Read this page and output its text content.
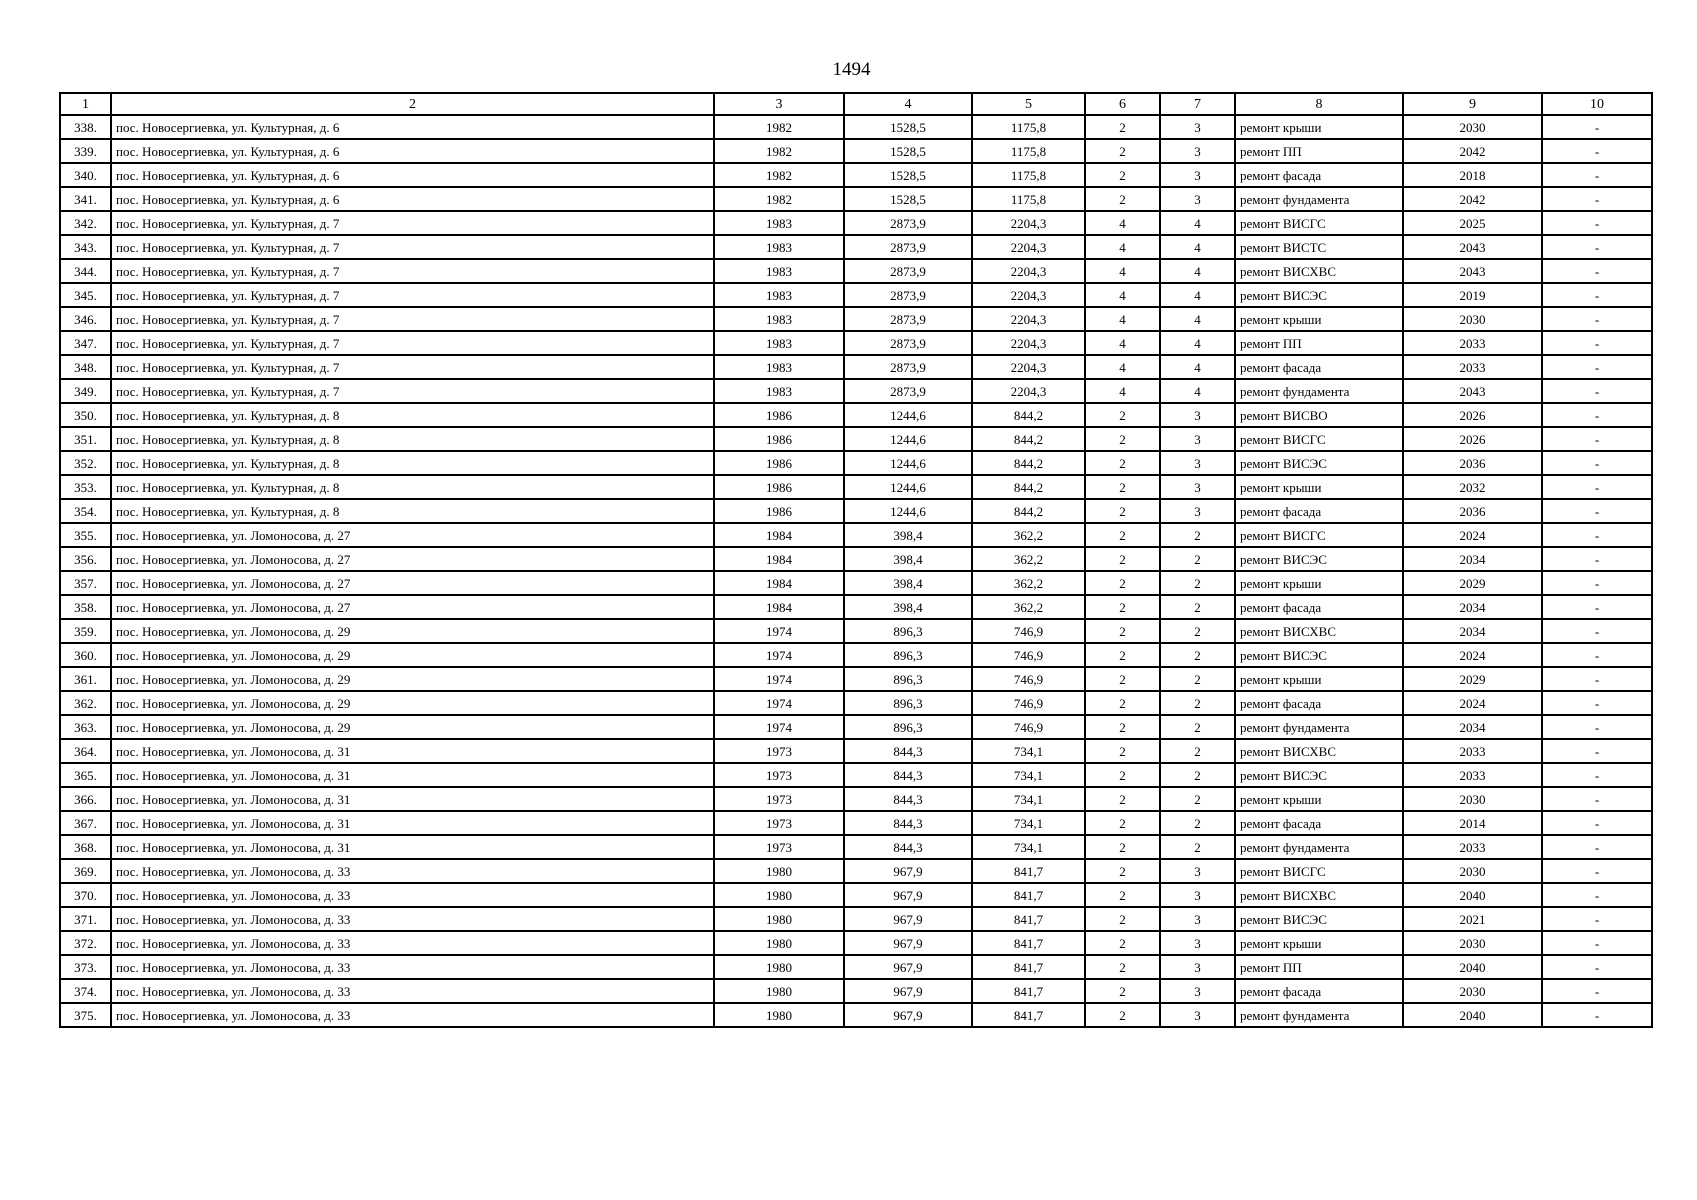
1494
1	2	3	4	5	6	7	8	9	10
338.	пос. Новосергиевка, ул. Культурная, д. 6	1982	1528,5	1175,8	2	3	ремонт крыши	2030	-
339.	пос. Новосергиевка, ул. Культурная, д. 6	1982	1528,5	1175,8	2	3	ремонт ПП	2042	-
340.	пос. Новосергиевка, ул. Культурная, д. 6	1982	1528,5	1175,8	2	3	ремонт фасада	2018	-
341.	пос. Новосергиевка, ул. Культурная, д. 6	1982	1528,5	1175,8	2	3	ремонт фундамента	2042	-
342.	пос. Новосергиевка, ул. Культурная, д. 7	1983	2873,9	2204,3	4	4	ремонт ВИСГС	2025	-
343.	пос. Новосергиевка, ул. Культурная, д. 7	1983	2873,9	2204,3	4	4	ремонт ВИСТС	2043	-
344.	пос. Новосергиевка, ул. Культурная, д. 7	1983	2873,9	2204,3	4	4	ремонт ВИСХВС	2043	-
345.	пос. Новосергиевка, ул. Культурная, д. 7	1983	2873,9	2204,3	4	4	ремонт ВИСЭС	2019	-
346.	пос. Новосергиевка, ул. Культурная, д. 7	1983	2873,9	2204,3	4	4	ремонт крыши	2030	-
347.	пос. Новосергиевка, ул. Культурная, д. 7	1983	2873,9	2204,3	4	4	ремонт ПП	2033	-
348.	пос. Новосергиевка, ул. Культурная, д. 7	1983	2873,9	2204,3	4	4	ремонт фасада	2033	-
349.	пос. Новосергиевка, ул. Культурная, д. 7	1983	2873,9	2204,3	4	4	ремонт фундамента	2043	-
350.	пос. Новосергиевка, ул. Культурная, д. 8	1986	1244,6	844,2	2	3	ремонт ВИСВО	2026	-
351.	пос. Новосергиевка, ул. Культурная, д. 8	1986	1244,6	844,2	2	3	ремонт ВИСГС	2026	-
352.	пос. Новосергиевка, ул. Культурная, д. 8	1986	1244,6	844,2	2	3	ремонт ВИСЭС	2036	-
353.	пос. Новосергиевка, ул. Культурная, д. 8	1986	1244,6	844,2	2	3	ремонт крыши	2032	-
354.	пос. Новосергиевка, ул. Культурная, д. 8	1986	1244,6	844,2	2	3	ремонт фасада	2036	-
355.	пос. Новосергиевка, ул. Ломоносова, д. 27	1984	398,4	362,2	2	2	ремонт ВИСГС	2024	-
356.	пос. Новосергиевка, ул. Ломоносова, д. 27	1984	398,4	362,2	2	2	ремонт ВИСЭС	2034	-
357.	пос. Новосергиевка, ул. Ломоносова, д. 27	1984	398,4	362,2	2	2	ремонт крыши	2029	-
358.	пос. Новосергиевка, ул. Ломоносова, д. 27	1984	398,4	362,2	2	2	ремонт фасада	2034	-
359.	пос. Новосергиевка, ул. Ломоносова, д. 29	1974	896,3	746,9	2	2	ремонт ВИСХВС	2034	-
360.	пос. Новосергиевка, ул. Ломоносова, д. 29	1974	896,3	746,9	2	2	ремонт ВИСЭС	2024	-
361.	пос. Новосергиевка, ул. Ломоносова, д. 29	1974	896,3	746,9	2	2	ремонт крыши	2029	-
362.	пос. Новосергиевка, ул. Ломоносова, д. 29	1974	896,3	746,9	2	2	ремонт фасада	2024	-
363.	пос. Новосергиевка, ул. Ломоносова, д. 29	1974	896,3	746,9	2	2	ремонт фундамента	2034	-
364.	пос. Новосергиевка, ул. Ломоносова, д. 31	1973	844,3	734,1	2	2	ремонт ВИСХВС	2033	-
365.	пос. Новосергиевка, ул. Ломоносова, д. 31	1973	844,3	734,1	2	2	ремонт ВИСЭС	2033	-
366.	пос. Новосергиевка, ул. Ломоносова, д. 31	1973	844,3	734,1	2	2	ремонт крыши	2030	-
367.	пос. Новосергиевка, ул. Ломоносова, д. 31	1973	844,3	734,1	2	2	ремонт фасада	2014	-
368.	пос. Новосергиевка, ул. Ломоносова, д. 31	1973	844,3	734,1	2	2	ремонт фундамента	2033	-
369.	пос. Новосергиевка, ул. Ломоносова, д. 33	1980	967,9	841,7	2	3	ремонт ВИСГС	2030	-
370.	пос. Новосергиевка, ул. Ломоносова, д. 33	1980	967,9	841,7	2	3	ремонт ВИСХВС	2040	-
371.	пос. Новосергиевка, ул. Ломоносова, д. 33	1980	967,9	841,7	2	3	ремонт ВИСЭС	2021	-
372.	пос. Новосергиевка, ул. Ломоносова, д. 33	1980	967,9	841,7	2	3	ремонт крыши	2030	-
373.	пос. Новосергиевка, ул. Ломоносова, д. 33	1980	967,9	841,7	2	3	ремонт ПП	2040	-
374.	пос. Новосергиевка, ул. Ломоносова, д. 33	1980	967,9	841,7	2	3	ремонт фасада	2030	-
375.	пос. Новосергиевка, ул. Ломоносова, д. 33	1980	967,9	841,7	2	3	ремонт фундамента	2040	-
